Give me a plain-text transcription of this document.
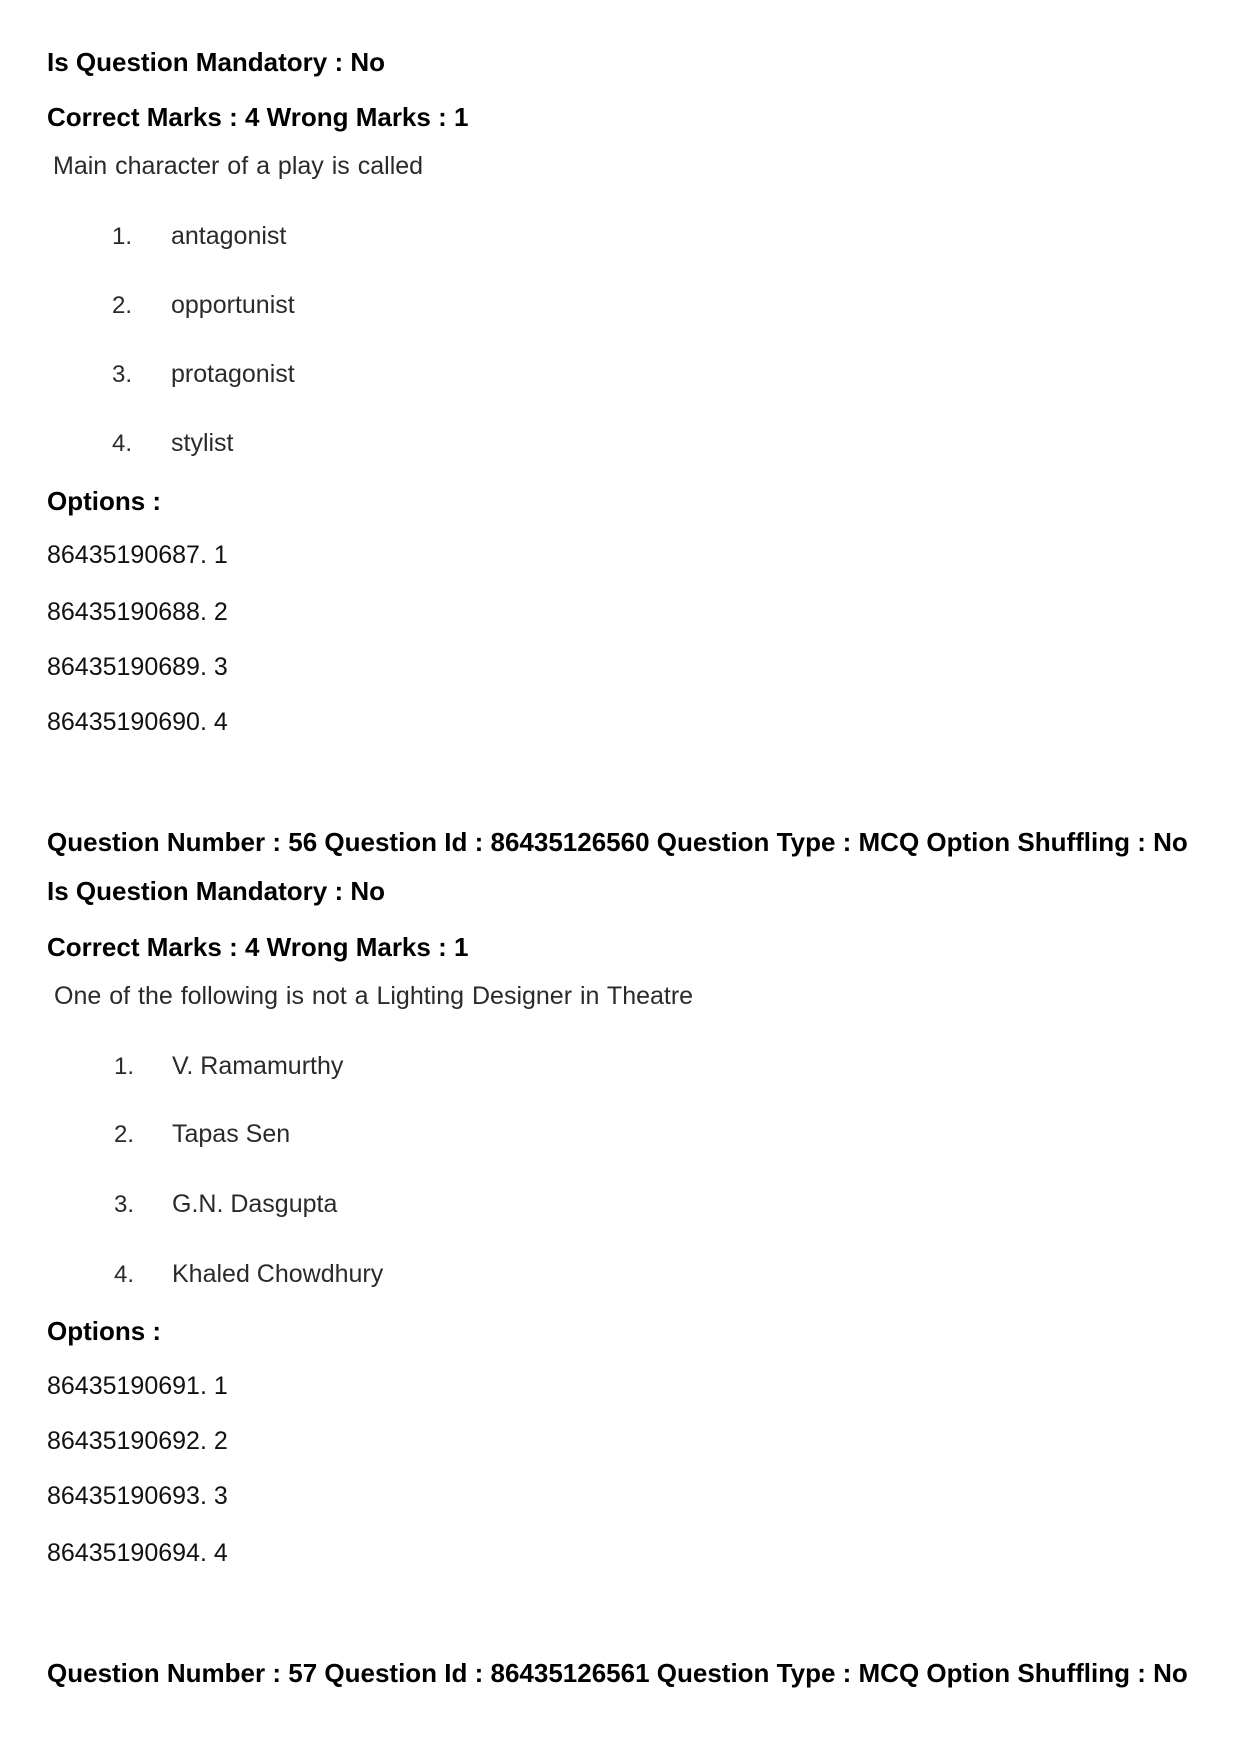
Is Question Mandatory : No
Correct Marks : 4 Wrong Marks : 1
Main character of a play is called
1. antagonist
2. opportunist
3. protagonist
4. stylist
Options :
86435190687. 1
86435190688. 2
86435190689. 3
86435190690. 4
Question Number : 56 Question Id : 86435126560 Question Type : MCQ Option Shuffling : No
Is Question Mandatory : No
Correct Marks : 4 Wrong Marks : 1
One of the following is not a Lighting Designer in Theatre
1. V. Ramamurthy
2. Tapas Sen
3. G.N. Dasgupta
4. Khaled Chowdhury
Options :
86435190691. 1
86435190692. 2
86435190693. 3
86435190694. 4
Question Number : 57 Question Id : 86435126561 Question Type : MCQ Option Shuffling : No
